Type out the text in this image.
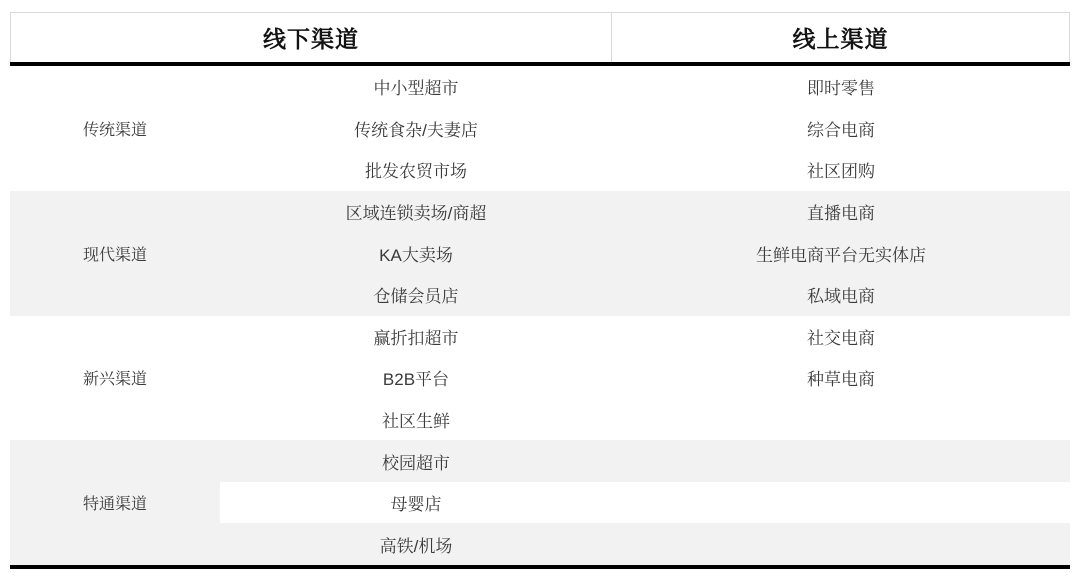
线下渠道	线上渠道
传统渠道
中小型超市	即时零售
传统食杂/夫妻店	综合电商
批发农贸市场	社区团购
现代渠道
区域连锁卖场/商超	直播电商
KA大卖场	生鲜电商平台无实体店
仓储会员店	私域电商
新兴渠道
赢折扣超市	社交电商
B2B平台	种草电商
社区生鲜
特通渠道
校园超市
母婴店
高铁/机场
